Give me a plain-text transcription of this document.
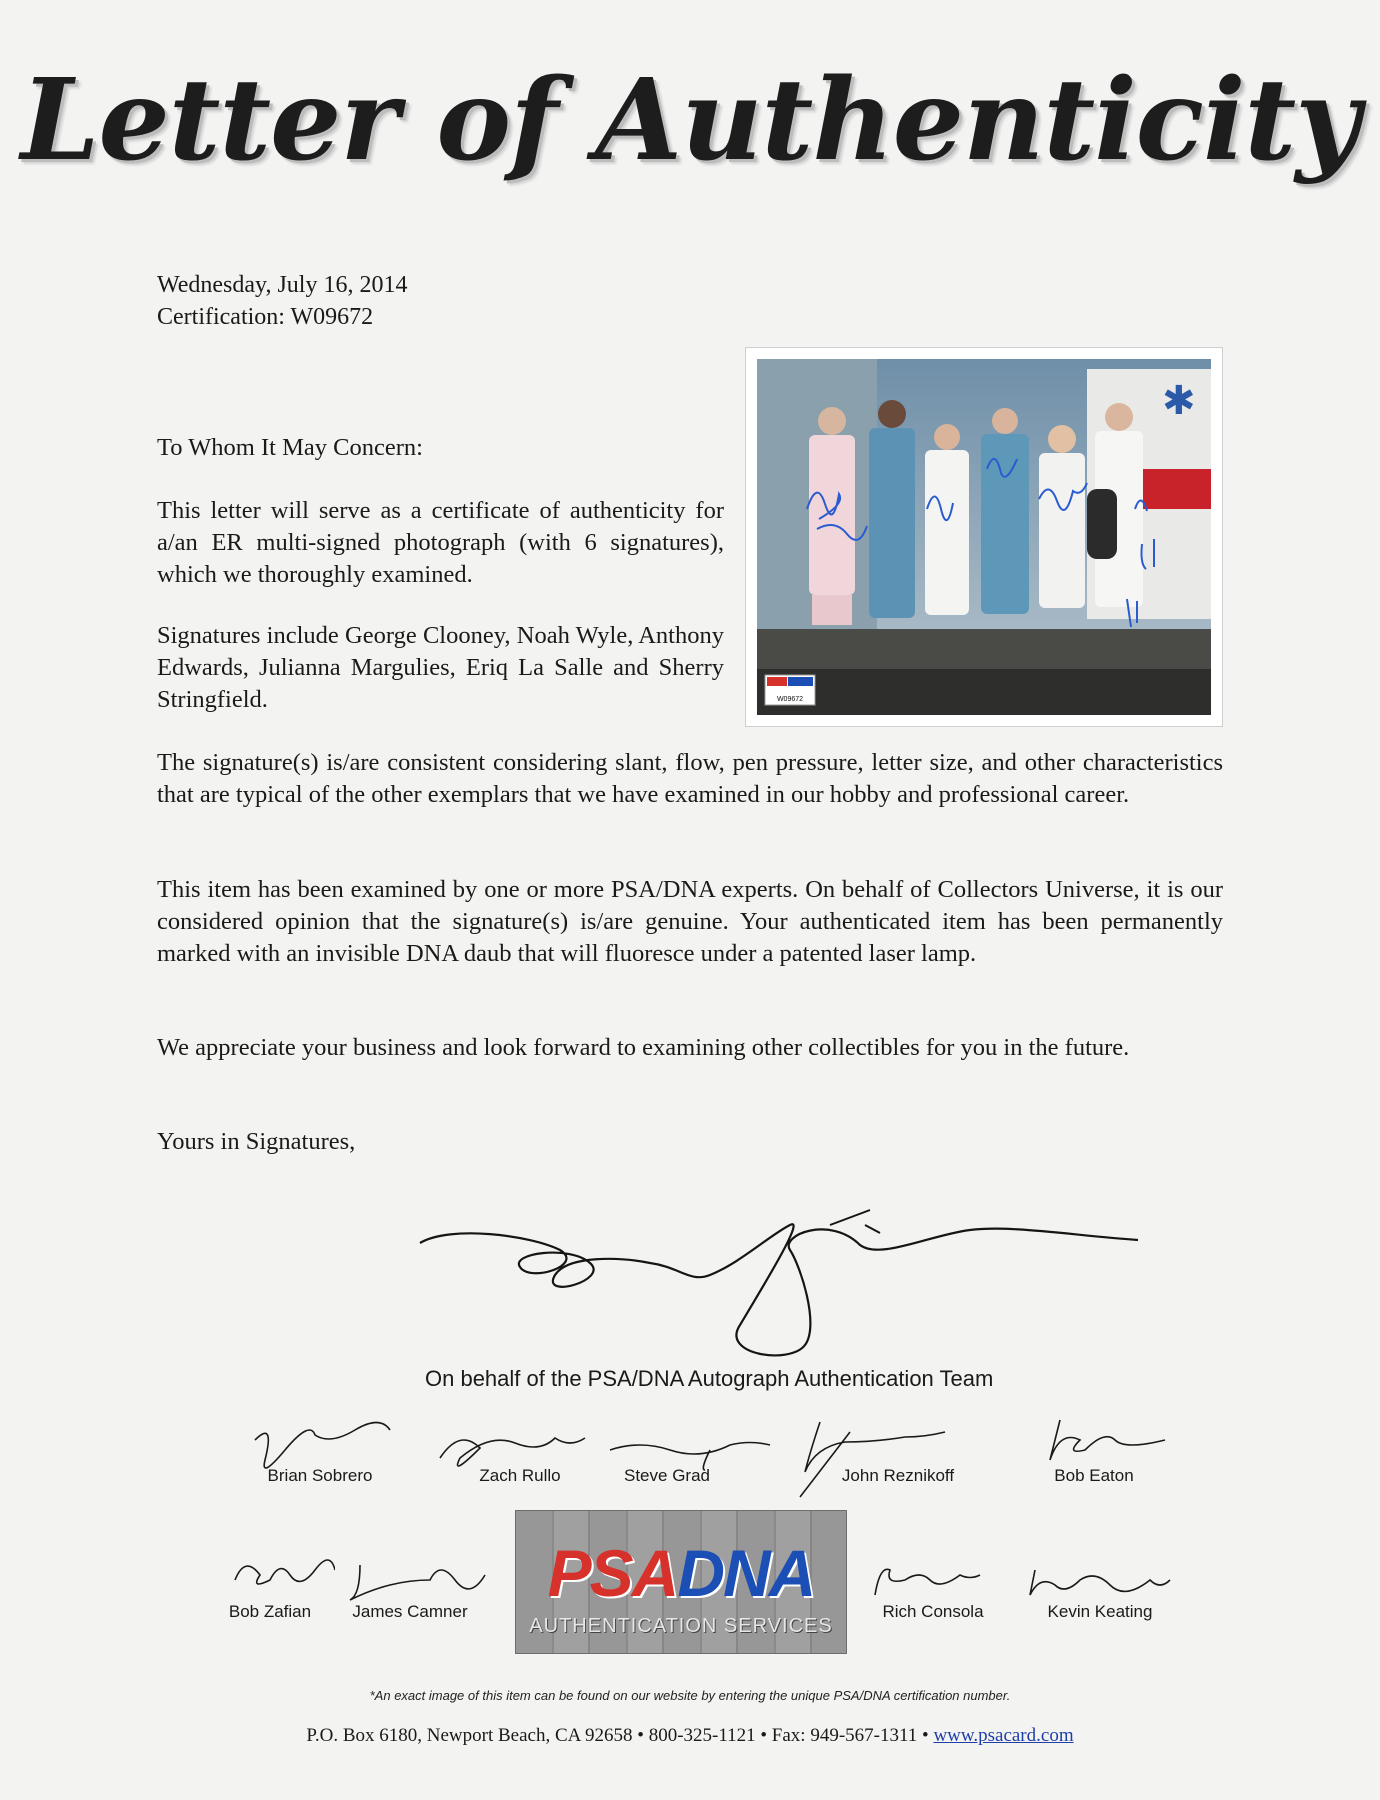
Letter of Authenticity
Wednesday, July 16, 2014
Certification: W09672
To Whom It May Concern:
This letter will serve as a certificate of authenticity for a/an ER multi-signed photograph (with 6 signatures), which we thoroughly examined.
Signatures include George Clooney, Noah Wyle, Anthony Edwards, Julianna Margulies, Eriq La Salle and Sherry Stringfield.
The signature(s) is/are consistent considering slant, flow, pen pressure, letter size, and other characteristics that are typical of the other exemplars that we have examined in our hobby and professional career.
This item has been examined by one or more PSA/DNA experts. On behalf of Collectors Universe, it is our considered opinion that the signature(s) is/are genuine. Your authenticated item has been permanently marked with an invisible DNA daub that will fluoresce under a patented laser lamp.
We appreciate your business and look forward to examining other collectibles for you in the future.
Yours in Signatures,
✱
W09672
On behalf of the PSA/DNA Autograph Authentication Team
Brian Sobrero	Zach Rullo	Steve Grad	John Reznikoff	Bob Eaton
Bob Zafian	James Camner
PSADNA
AUTHENTICATION SERVICES
Rich Consola	Kevin Keating
*An exact image of this item can be found on our website by entering the unique PSA/DNA certification number.
P.O. Box 6180, Newport Beach, CA 92658 • 800-325-1121 • Fax: 949-567-1311 • www.psacard.com
